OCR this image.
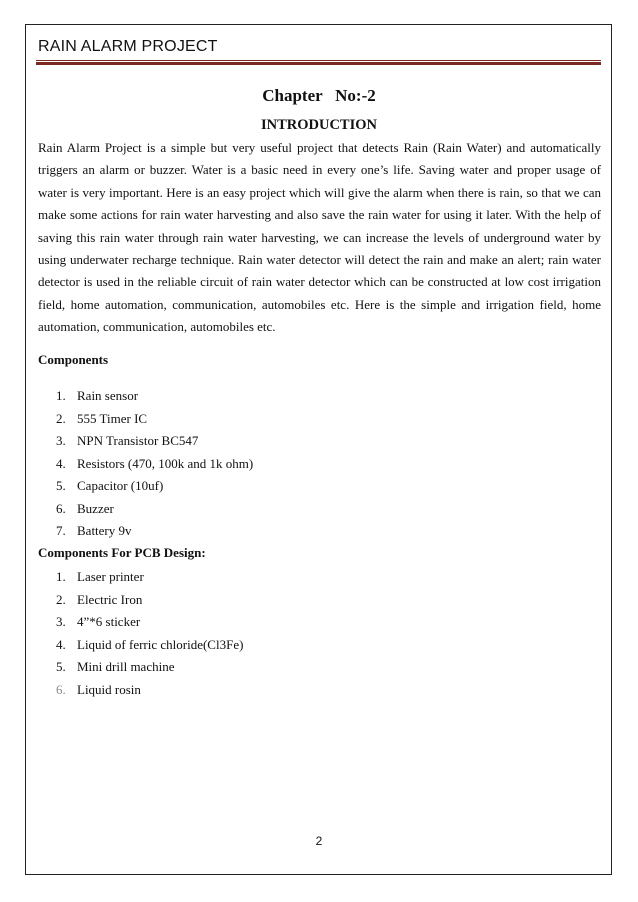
RAIN ALARM PROJECT
Chapter   No:-2
INTRODUCTION
Rain Alarm Project is a simple but very useful project that detects Rain (Rain Water) and automatically triggers an alarm or buzzer. Water is a basic need in every one’s life. Saving water and proper usage of water is very important. Here is an easy project which will give the alarm when there is rain, so that we can make some actions for rain water harvesting and also save the rain water for using it later. With the help of saving this rain water through rain water harvesting, we can increase the levels of underground water by using underwater recharge technique. Rain water detector will detect the rain and make an alert; rain water detector is used in the reliable circuit of rain water detector which can be constructed at low cost irrigation field, home automation, communication, automobiles etc. Here is the simple and irrigation field, home automation, communication, automobiles etc.
Components
1. Rain sensor
2. 555 Timer IC
3. NPN Transistor BC547
4. Resistors (470, 100k and 1k ohm)
5. Capacitor (10uf)
6. Buzzer
7. Battery 9v
Components For PCB Design:
1. Laser printer
2. Electric Iron
3. 4”*6 sticker
4. Liquid of ferric chloride(Cl3Fe)
5. Mini drill machine
6. Liquid rosin
2
